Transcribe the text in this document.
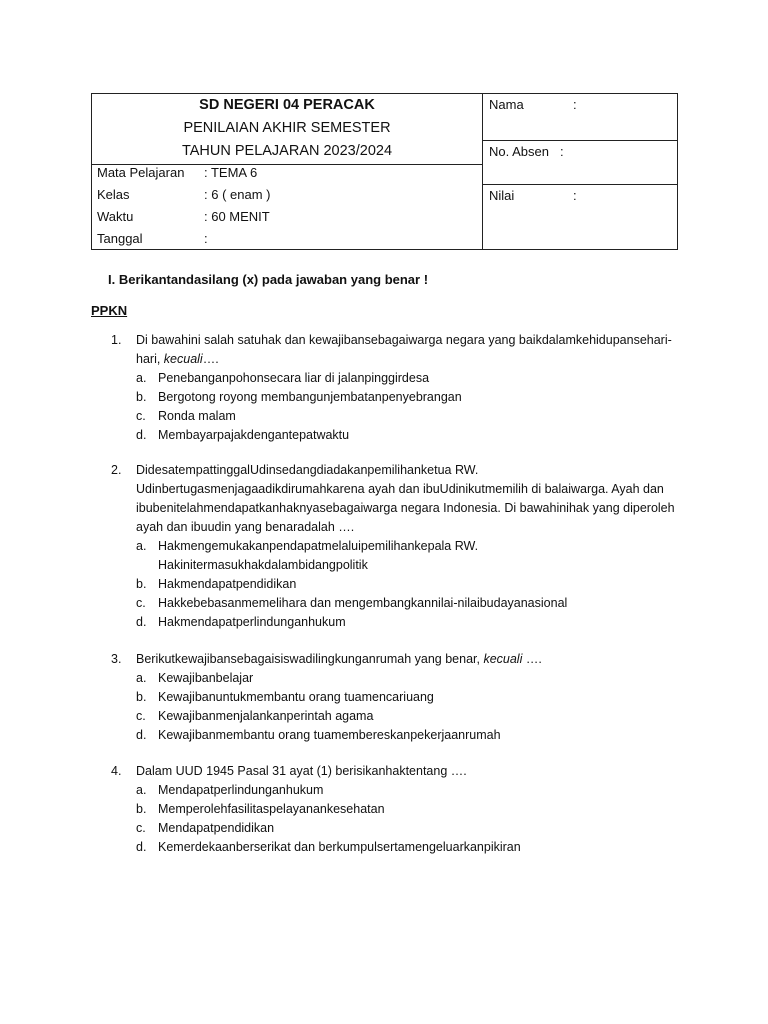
SD NEGERI 04 PERACAK
PENILAIAN AKHIR SEMESTER
TAHUN PELAJARAN 2023/2024
Mata Pelajaran : TEMA 6
Kelas	: 6 ( enam )
Waktu	: 60 MENIT
Tanggal	:
Nama	:
No. Absen :
Nilai	:
I. Berikantandasilang (x) pada jawaban yang benar !
PPKN
1. Di bawahini salah satuhak dan kewajibansebagaiwarga negara yang baikdalamkehidupansehari-hari, kecuali….
a. Penebanganpohonsecara liar di jalanpinggirdesa
b. Bergotong royong membangunjembatanpenyebrangan
c. Ronda malam
d. Membayarpajakdengantepatwaktu
2. DidesatempattinggalUdinsedangdiadakanpemilihanketua RW. Udinbertugasmenjagaadikdirumahkarena ayah dan ibuUdinikutmemilih di balaiwarga. Ayah dan ibubenitelahmendapatkanhaknyasebagaiwarga negara Indonesia. Di bawahinihak yang diperoleh ayah dan ibuudin yang benaradalah ….
a. Hakmengemukakanpendapatmelaluipemilihankepala RW. Hakinitermasukhakdalambidangpolitik
b. Hakmendapatpendidikan
c. Hakkebebasanmemelihara dan mengembangkannilai-nilaibudayanasional
d. Hakmendapatperlindunganhukum
3. Berikutkewajibansebagaisiswadilingkunganrumah yang benar, kecuali ….
a. Kewajibanbelajar
b. Kewajibanuntukmembantu orang tuamencariuang
c. Kewajibanmenjalankanperintah agama
d. Kewajibanmembantu orang tuamembereskanpekerjaanrumah
4. Dalam UUD 1945 Pasal 31 ayat (1) berisikanhaktentang ….
a. Mendapatperlindunganhukum
b. Memperolehfasilitaspelayanankesehatan
c. Mendapatpendidikan
d. Kemerdekaanberserikat dan berkumpulsertamengeluarkanpikiran
